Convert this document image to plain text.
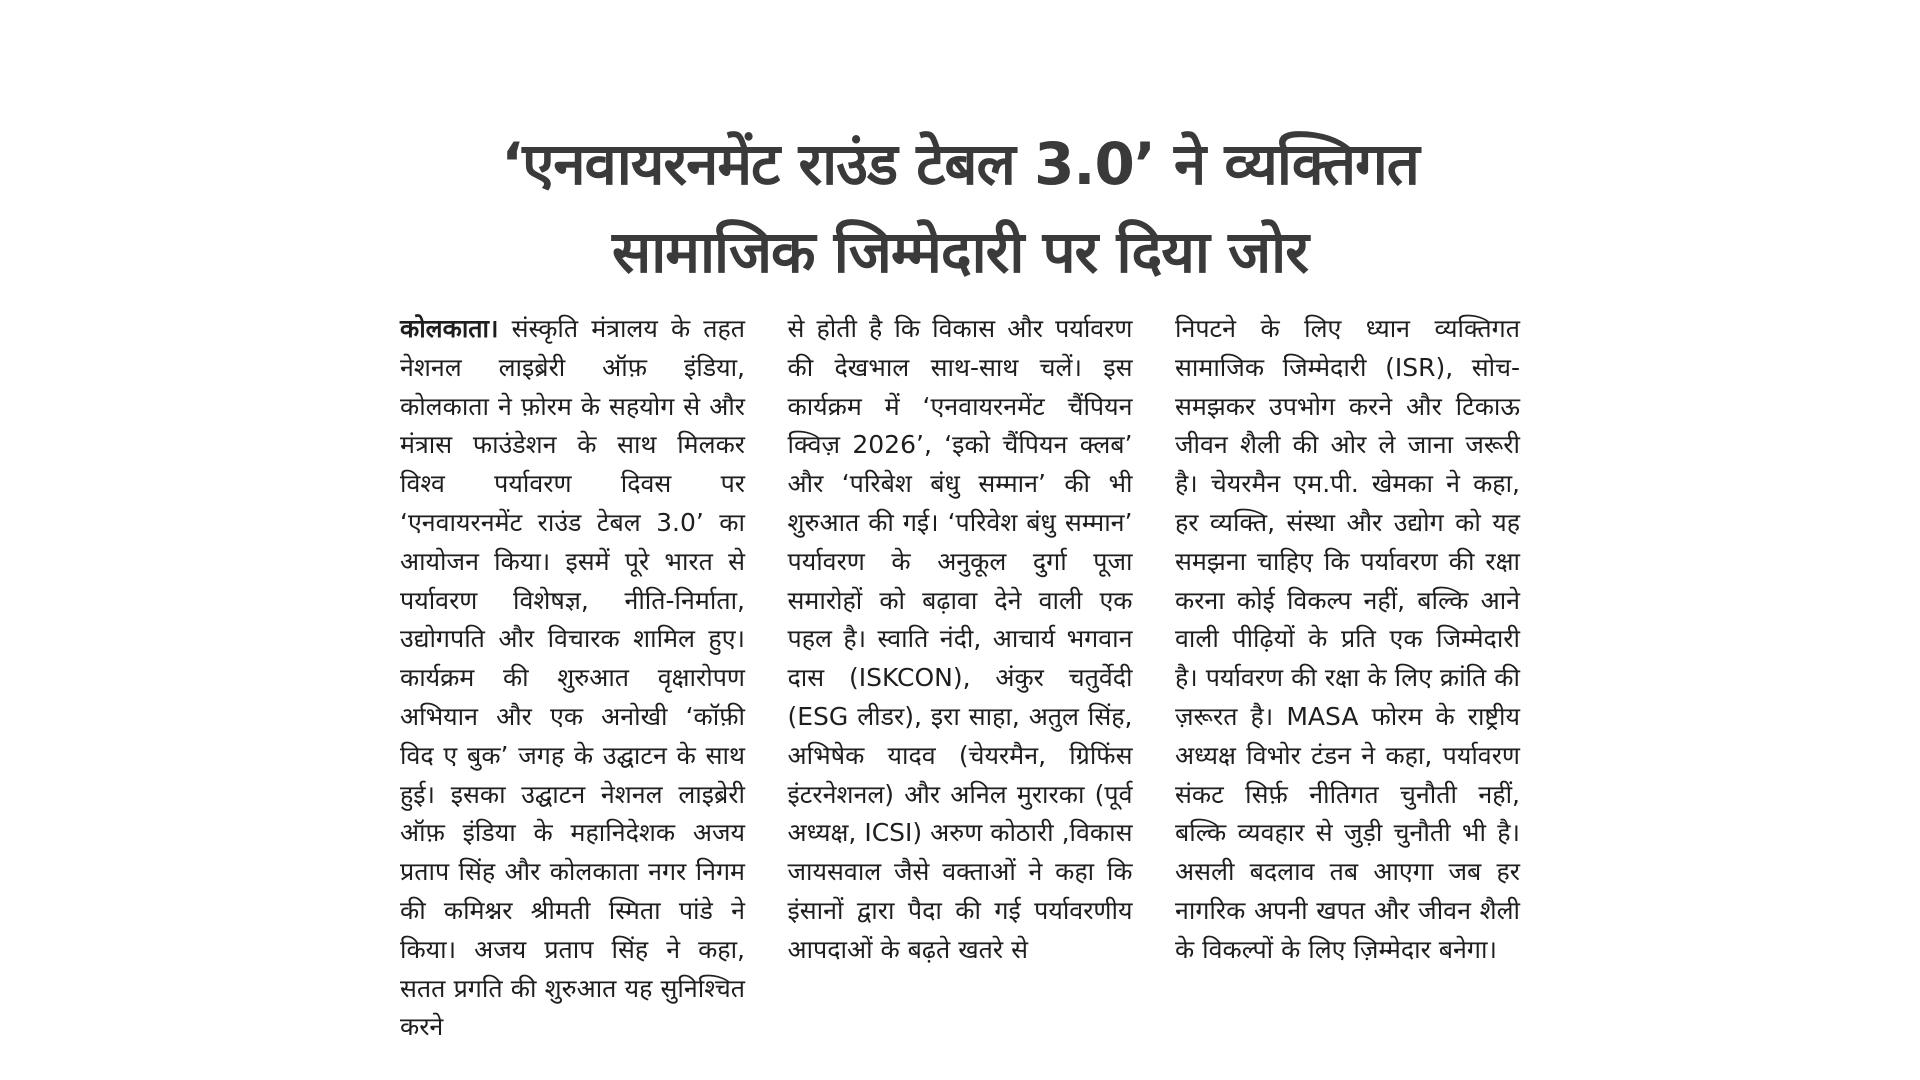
‘एनवायरनमेंट राउंड टेबल 3.0’ ने व्यक्तिगत
सामाजिक जिम्मेदारी पर दिया जोर

कोलकाता। संस्कृति मंत्रालय के तहत नेशनल लाइब्रेरी ऑफ़ इंडिया, कोलकाता ने फ़ोरम के सहयोग से और मंत्रास फाउंडेशन के साथ मिलकर विश्व पर्यावरण दिवस पर ‘एनवायरनमेंट राउंड टेबल 3.0’ का आयोजन किया। इसमें पूरे भारत से पर्यावरण विशेषज्ञ, नीति-निर्माता, उद्योगपति और विचारक शामिल हुए। कार्यक्रम की शुरुआत वृक्षारोपण अभियान और एक अनोखी ‘कॉफ़ी विद ए बुक’ जगह के उद्घाटन के साथ हुई। इसका उद्घाटन नेशनल लाइब्रेरी ऑफ़ इंडिया के महानिदेशक अजय प्रताप सिंह और कोलकाता नगर निगम की कमिश्नर श्रीमती स्मिता पांडे ने किया। अजय प्रताप सिंह ने कहा, सतत प्रगति की शुरुआत यह सुनिश्चित करने

से होती है कि विकास और पर्यावरण की देखभाल साथ-साथ चलें। इस कार्यक्रम में ‘एनवायरनमेंट चैंपियन क्विज़ 2026’, ‘इको चैंपियन क्लब’ और ‘परिबेश बंधु सम्मान’ की भी शुरुआत की गई। ‘परिवेश बंधु सम्मान’ पर्यावरण के अनुकूल दुर्गा पूजा समारोहों को बढ़ावा देने वाली एक पहल है। स्वाति नंदी, आचार्य भगवान दास (ISKCON), अंकुर चतुर्वेदी (ESG लीडर), इरा साहा, अतुल सिंह, अभिषेक यादव (चेयरमैन, ग्रिफिंस इंटरनेशनल) और अनिल मुरारका (पूर्व अध्यक्ष, ICSI) अरुण कोठारी ,विकास जायसवाल जैसे वक्ताओं ने कहा कि इंसानों द्वारा पैदा की गई पर्यावरणीय आपदाओं के बढ़ते खतरे से

निपटने के लिए ध्यान व्यक्तिगत सामाजिक जिम्मेदारी (ISR), सोच-समझकर उपभोग करने और टिकाऊ जीवन शैली की ओर ले जाना जरूरी है। चेयरमैन एम.पी. खेमका ने कहा, हर व्यक्ति, संस्था और उद्योग को यह समझना चाहिए कि पर्यावरण की रक्षा करना कोई विकल्प नहीं, बल्कि आने वाली पीढ़ियों के प्रति एक जिम्मेदारी है। पर्यावरण की रक्षा के लिए क्रांति की ज़रूरत है। MASA फोरम के राष्ट्रीय अध्यक्ष विभोर टंडन ने कहा, पर्यावरण संकट सिर्फ़ नीतिगत चुनौती नहीं, बल्कि व्यवहार से जुड़ी चुनौती भी है। असली बदलाव तब आएगा जब हर नागरिक अपनी खपत और जीवन शैली के विकल्पों के लिए ज़िम्मेदार बनेगा।
